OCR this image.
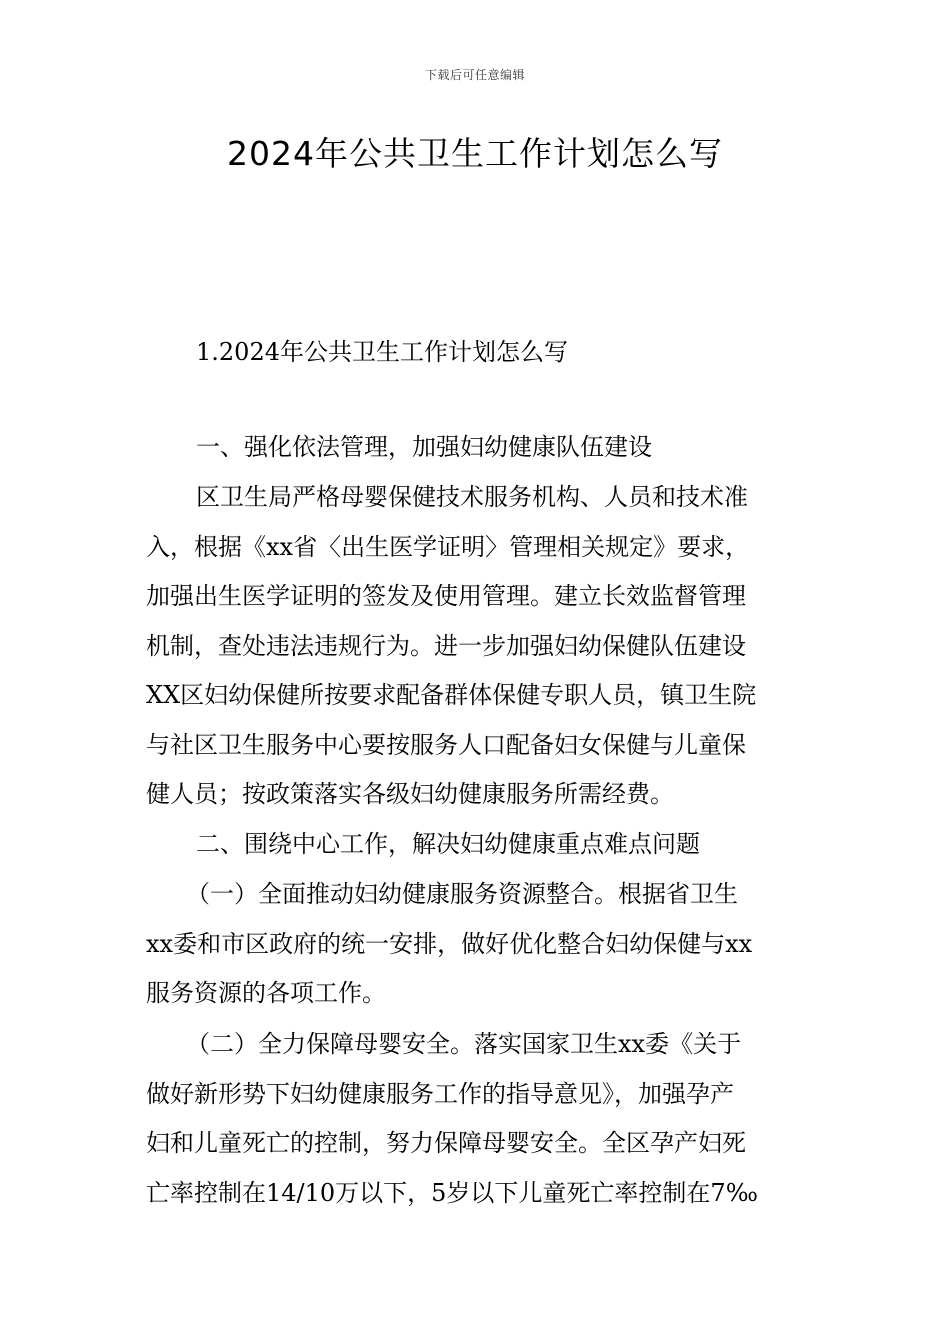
下载后可任意编辑
2024年公共卫生工作计划怎么写
1.2024年公共卫生工作计划怎么写
一、强化依法管理，加强妇幼健康队伍建设
区卫生局严格母婴保健技术服务机构、人员和技术准
入，根据《xx省〈出生医学证明〉管理相关规定》要求，
加强出生医学证明的签发及使用管理。建立长效监督管理
机制，查处违法违规行为。进一步加强妇幼保健队伍建设
XX区妇幼保健所按要求配备群体保健专职人员，镇卫生院
与社区卫生服务中心要按服务人口配备妇女保健与儿童保
健人员；按政策落实各级妇幼健康服务所需经费。
二、围绕中心工作，解决妇幼健康重点难点问题
（一）全面推动妇幼健康服务资源整合。根据省卫生
xx委和市区政府的统一安排，做好优化整合妇幼保健与xx
服务资源的各项工作。
（二）全力保障母婴安全。落实国家卫生xx委《关于
做好新形势下妇幼健康服务工作的指导意见》，加强孕产
妇和儿童死亡的控制，努力保障母婴安全。全区孕产妇死
亡率控制在14/10万以下，5岁以下儿童死亡率控制在7‰
